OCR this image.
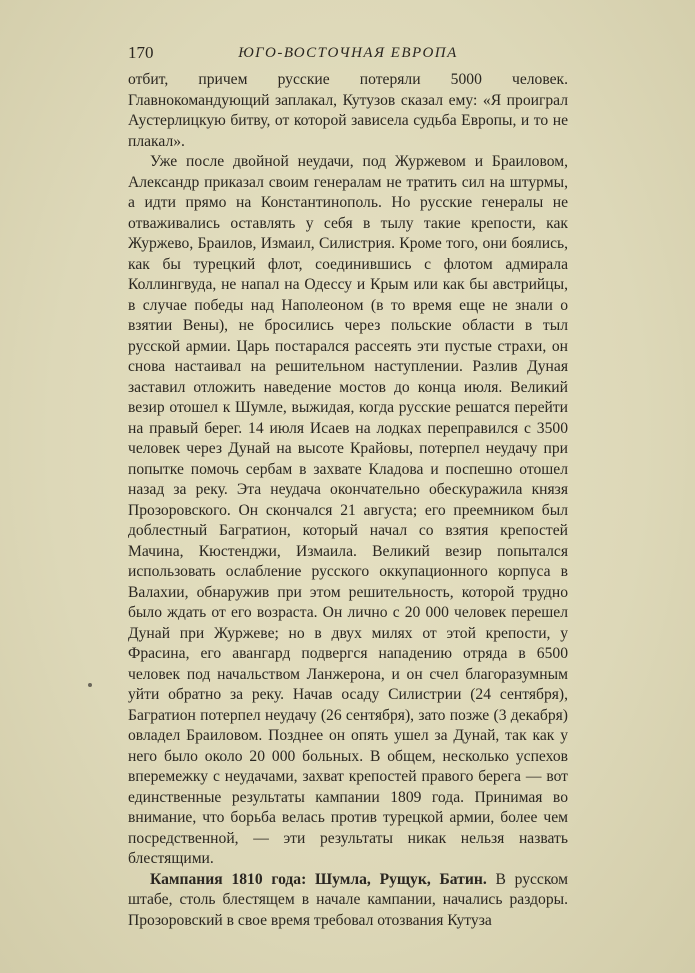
170	ЮГО-ВОСТОЧНАЯ ЕВРОПА

отбит, причем русские потеряли 5000 человек. Главнокомандующий заплакал, Кутузов сказал ему: «Я проиграл Аустерлицкую битву, от которой зависела судьба Европы, и то не плакал».

Уже после двойной неудачи, под Журжевом и Браиловом, Александр приказал своим генералам не тратить сил на штурмы, а идти прямо на Константинополь. Но русские генералы не отваживались оставлять у себя в тылу такие крепости, как Журжево, Браилов, Измаил, Силистрия. Кроме того, они боялись, как бы турецкий флот, соединившись с флотом адмирала Коллингвуда, не напал на Одессу и Крым или как бы австрийцы, в случае победы над Наполеоном (в то время еще не знали о взятии Вены), не бросились через польские области в тыл русской армии. Царь постарался рассеять эти пустые страхи, он снова настаивал на решительном наступлении. Разлив Дуная заставил отложить наведение мостов до конца июля. Великий везир отошел к Шумле, выжидая, когда русские решатся перейти на правый берег. 14 июля Исаев на лодках переправился с 3500 человек через Дунай на высоте Крайовы, потерпел неудачу при попытке помочь сербам в захвате Кладова и поспешно отошел назад за реку. Эта неудача окончательно обескуражила князя Прозоровского. Он скончался 21 августа; его преемником был доблестный Багратион, который начал со взятия крепостей Мачина, Кюстенджи, Измаила. Великий везир попытался использовать ослабление русского оккупационного корпуса в Валахии, обнаружив при этом решительность, которой трудно было ждать от его возраста. Он лично с 20 000 человек перешел Дунай при Журжеве; но в двух милях от этой крепости, у Фрасина, его авангард подвергся нападению отряда в 6500 человек под начальством Ланжерона, и он счел благоразумным уйти обратно за реку. Начав осаду Силистрии (24 сентября), Багратион потерпел неудачу (26 сентября), зато позже (3 декабря) овладел Браиловом. Позднее он опять ушел за Дунай, так как у него было около 20 000 больных. В общем, несколько успехов вперемежку с неудачами, захват крепостей правого берега — вот единственные результаты кампании 1809 года. Принимая во внимание, что борьба велась против турецкой армии, более чем посредственной, — эти результаты никак нельзя назвать блестящими.

Кампания 1810 года: Шумла, Рущук, Батин. В русском штабе, столь блестящем в начале кампании, начались раздоры. Прозоровский в свое время требовал отозвания Кутуза
